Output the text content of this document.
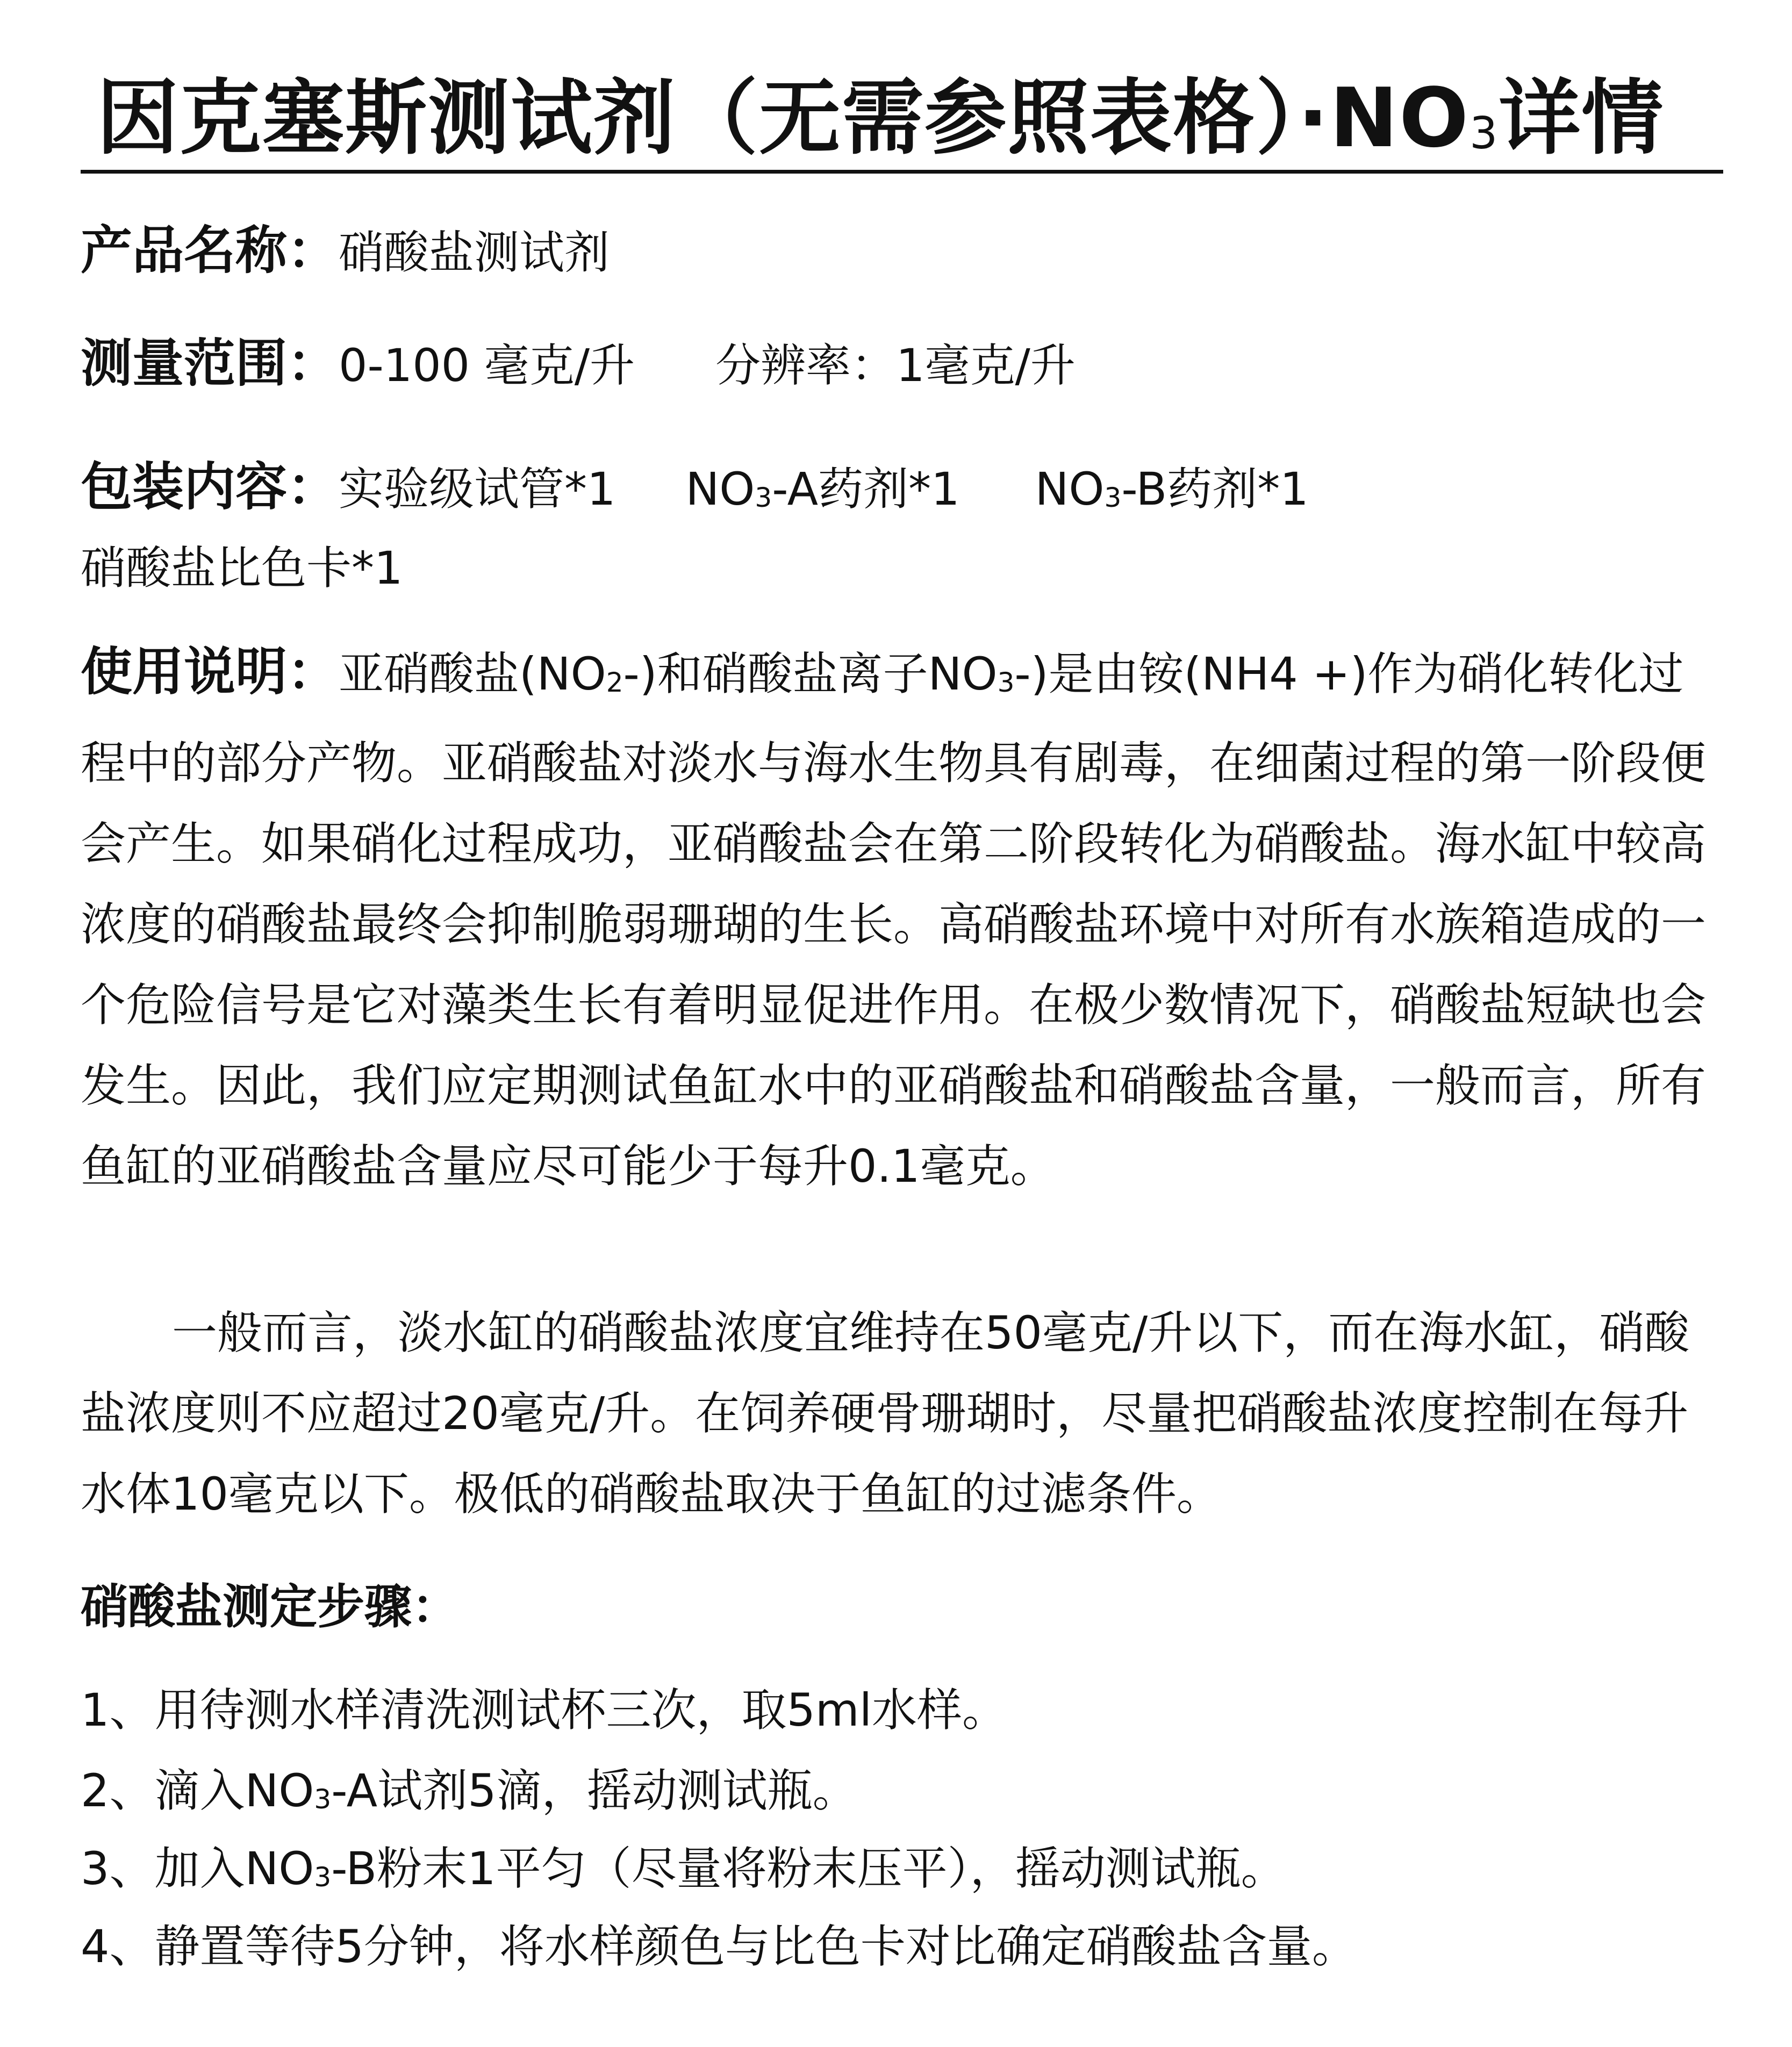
因克塞斯测试剂（无需参照表格）·NO3详情
产品名称：硝酸盐测试剂
测量范围：0-100 毫克/升 分辨率：1毫克/升
包装内容：实验级试管*1 NO3-A药剂*1 NO3-B药剂*1
硝酸盐比色卡*1
使用说明：亚硝酸盐(NO2-)和硝酸盐离子NO3-)是由铵(NH4 +)作为硝化转化过程中的部分产物。亚硝酸盐对淡水与海水生物具有剧毒，在细菌过程的第一阶段便会产生。如果硝化过程成功，亚硝酸盐会在第二阶段转化为硝酸盐。海水缸中较高浓度的硝酸盐最终会抑制脆弱珊瑚的生长。高硝酸盐环境中对所有水族箱造成的一个危险信号是它对藻类生长有着明显促进作用。在极少数情况下，硝酸盐短缺也会发生。因此，我们应定期测试鱼缸水中的亚硝酸盐和硝酸盐含量，一般而言，所有鱼缸的亚硝酸盐含量应尽可能少于每升0.1毫克。
一般而言，淡水缸的硝酸盐浓度宜维持在50毫克/升以下，而在海水缸，硝酸盐浓度则不应超过20毫克/升。在饲养硬骨珊瑚时，尽量把硝酸盐浓度控制在每升水体10毫克以下。极低的硝酸盐取决于鱼缸的过滤条件。
硝酸盐测定步骤：
1、用待测水样清洗测试杯三次，取5ml水样。
2、滴入NO3-A试剂5滴，摇动测试瓶。
3、加入NO3-B粉末1平匀（尽量将粉末压平），摇动测试瓶。
4、静置等待5分钟，将水样颜色与比色卡对比确定硝酸盐含量。
